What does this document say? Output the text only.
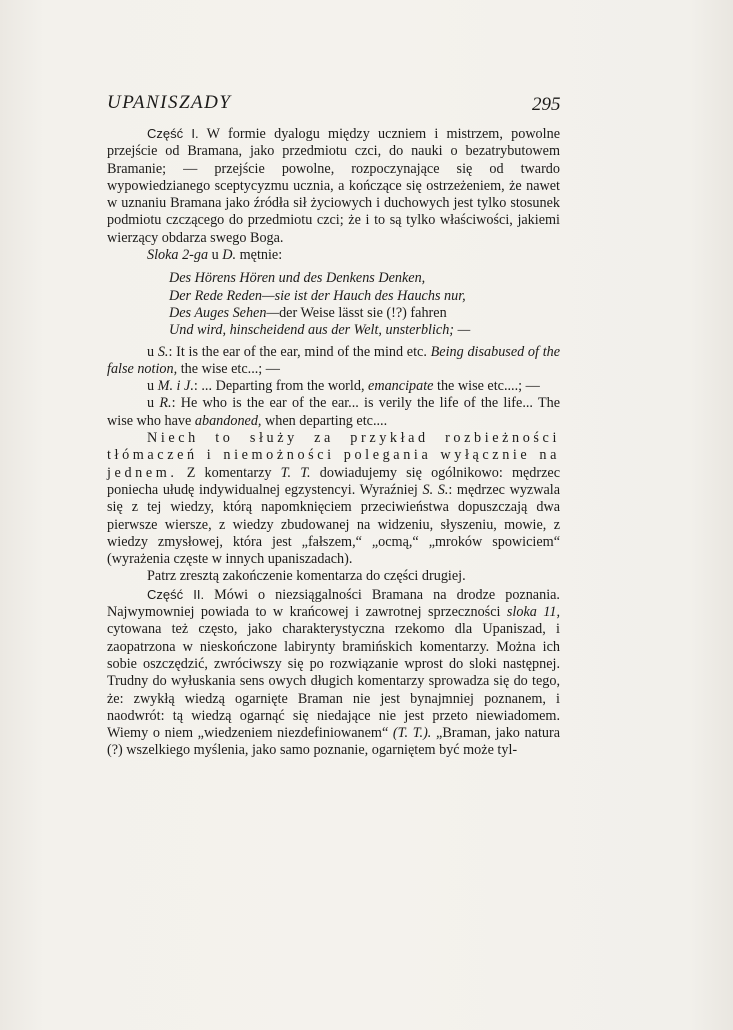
UPANISZADY	295

Część I. W formie dyalogu między uczniem i mistrzem, powolne przejście od Bramana, jako przedmiotu czci, do nauki o bezatrybutowem Bramanie; — przejście powolne, rozpoczynające się od twardo wypowiedzianego sceptycyzmu ucznia, a kończące się ostrzeżeniem, że nawet w uznaniu Bramana jako źródła sił życiowych i duchowych jest tylko stosunek podmiotu czczącego do przedmiotu czci; że i to są tylko właściwości, jakiemi wierzący obdarza swego Boga.

Sloka 2-ga u D. mętnie:

Des Hörens Hören und des Denkens Denken,
Der Rede Reden—sie ist der Hauch des Hauchs nur,
Des Auges Sehen—der Weise lässt sie (!?) fahren
Und wird, hinscheidend aus der Welt, unsterblich; —

u S.: It is the ear of the ear, mind of the mind etc. Being disabused of the false notion, the wise etc...; —

u M. i J.: ... Departing from the world, emancipate the wise etc....; —

u R.: He who is the ear of the ear... is verily the life of the life... The wise who have abandoned, when departing etc....

Niech to służy za przykład rozbieżności tłómaczeń i niemożności polegania wyłącznie na jednem. Z komentarzy T. T. dowiadujemy się ogólnikowo: mędrzec poniecha ułudę indywidualnej egzystencyi. Wyraźniej S. S.: mędrzec wyzwala się z tej wiedzy, którą napomknięciem przeciwieństwa dopuszczają dwa pierwsze wiersze, z wiedzy zbudowanej na widzeniu, słyszeniu, mowie, z wiedzy zmysłowej, która jest „fałszem,“ „ocmą,“ „mroków spowiciem“ (wyrażenia częste w innych upaniszadach).

Patrz zresztą zakończenie komentarza do części drugiej.

Część II. Mówi o niezsiągalności Bramana na drodze poznania. Najwymowniej powiada to w krańcowej i zawrotnej sprzeczności sloka 11, cytowana też często, jako charakterystyczna rzekomo dla Upaniszad, i zaopatrzona w nieskończone labirynty bramińskich komentarzy. Można ich sobie oszczędzić, zwróciwszy się po rozwiązanie wprost do sloki następnej. Trudny do wyłuskania sens owych długich komentarzy sprowadza się do tego, że: zwykłą wiedzą ogarnięte Braman nie jest bynajmniej poznanem, i naodwrót: tą wiedzą ogarnąć się niedające nie jest przeto niewiadomem. Wiemy o niem „wiedzeniem niezdefiniowanem“ (T. T.). „Braman, jako natura (?) wszelkiego myślenia, jako samo poznanie, ogarniętem być może tyl-
